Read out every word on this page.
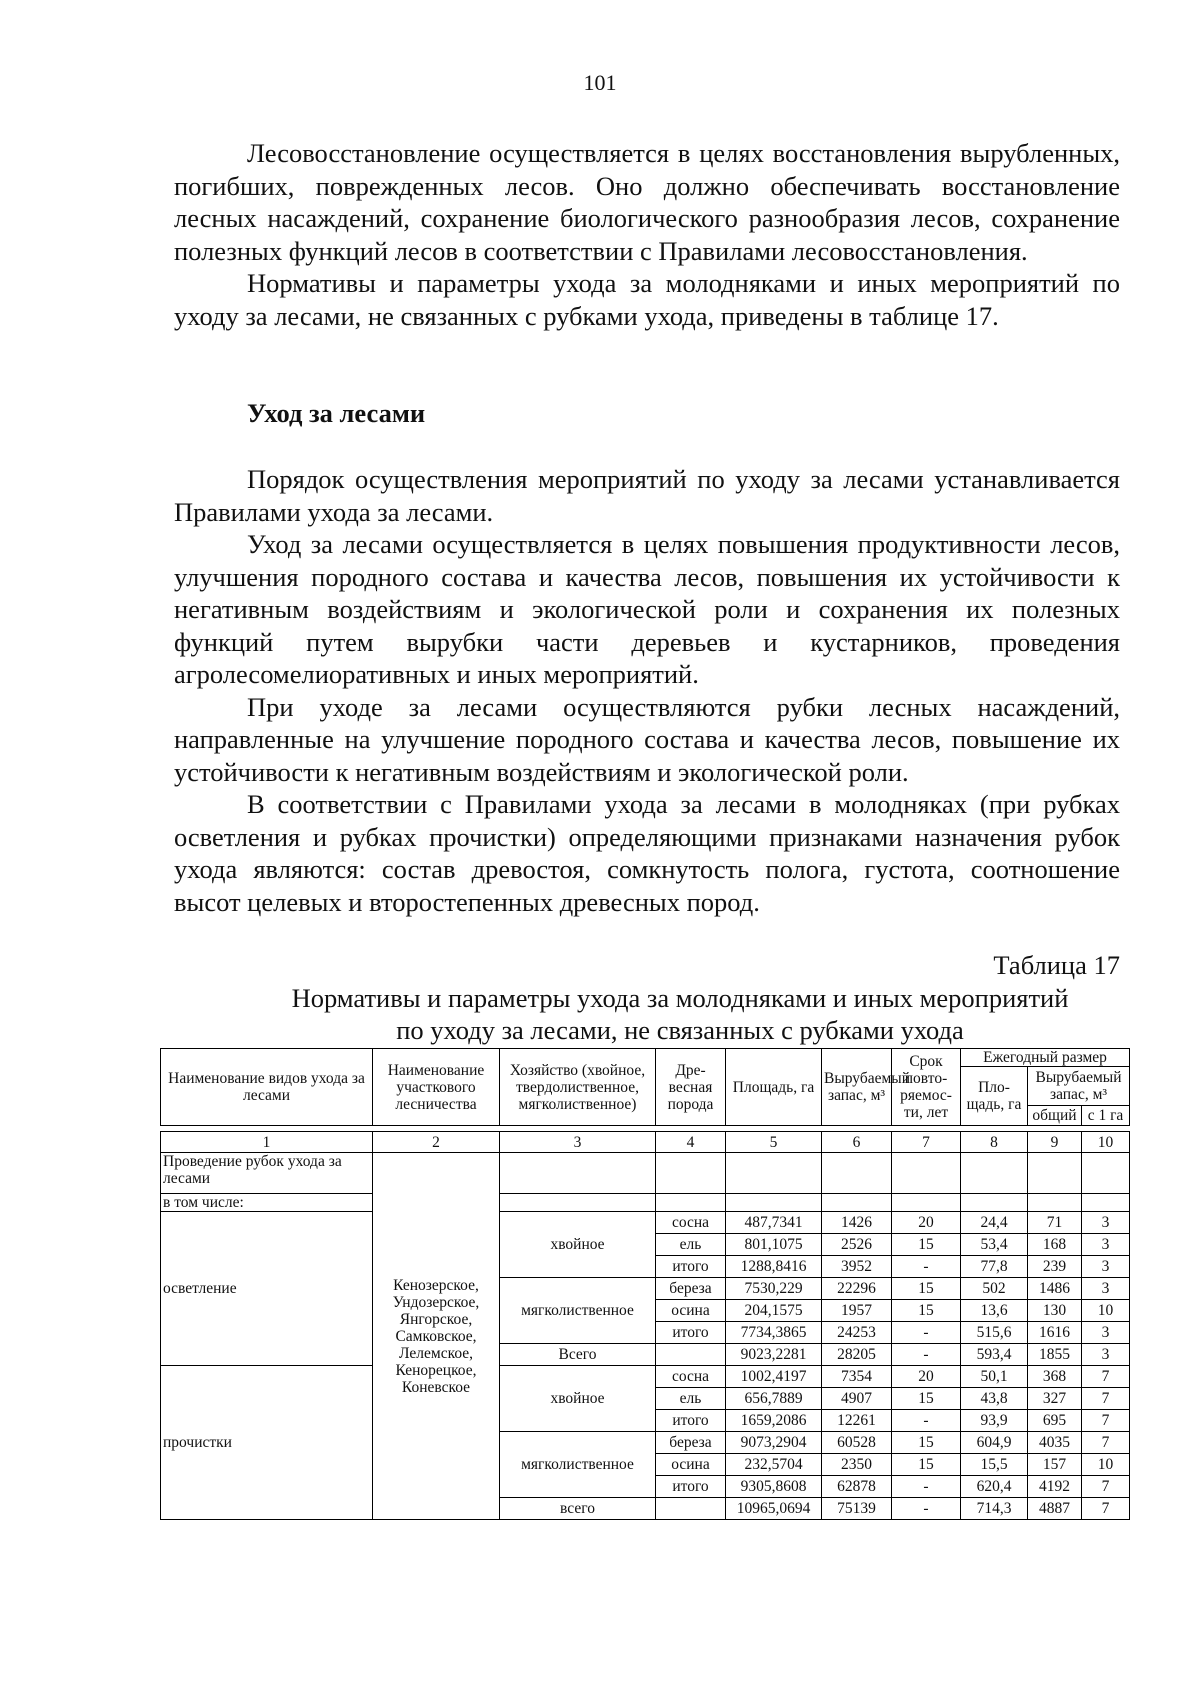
101

Лесовосстановление осуществляется в целях восстановления вырубленных, погибших, поврежденных лесов. Оно должно обеспечивать восстановление лесных насаждений, сохранение биологического разнообразия лесов, сохранение полезных функций лесов в соответствии с Правилами лесовосстановления.

Нормативы и параметры ухода за молодняками и иных мероприятий по уходу за лесами, не связанных с рубками ухода, приведены в таблице 17.

Уход за лесами

Порядок осуществления мероприятий по уходу за лесами устанавливается Правилами ухода за лесами.

Уход за лесами осуществляется в целях повышения продуктивности лесов, улучшения породного состава и качества лесов, повышения их устойчивости к негативным воздействиям и экологической роли и сохранения их полезных функций путем вырубки части деревьев и кустарников, проведения агролесомелиоративных и иных мероприятий.

При уходе за лесами осуществляются рубки лесных насаждений, направленные на улучшение породного состава и качества лесов, повышение их устойчивости к негативным воздействиям и экологической роли.

В соответствии с Правилами ухода за лесами в молодняках (при рубках осветления и рубках прочистки) определяющими признаками назначения рубок ухода являются: состав древостоя, сомкнутость полога, густота, соотношение высот целевых и второстепенных древесных пород.

Таблица 17
Нормативы и параметры ухода за молодняками и иных мероприятий
по уходу за лесами, не связанных с рубками ухода
Наименование видов ухода за лесами	Наименование участкового лесничества	Хозяйство (хвойное, твердолиственное, мягколиственное)	Дре-весная порода	Площадь, га	Вырубаемый запас, м³	Срок повто-ряемос-ти, лет	Ежегодный размер		
							Пло-щадь, га	Вырубаемый запас, м³	
								общий	с 1 га

1	2	3	4	5	6	7	8	9	10
Проведение рубок ухода за лесами	Кенозерское, Ундозерское, Янгорское, Самковское, Лелемское, Кенорецкое, Коневское								
в том числе:									
осветление		хвойное	сосна	487,7341	1426	20	24,4	71	3
			ель	801,1075	2526	15	53,4	168	3
			итого	1288,8416	3952	-	77,8	239	3
		мягколиственное	береза	7530,229	22296	15	502	1486	3
			осина	204,1575	1957	15	13,6	130	10
			итого	7734,3865	24253	-	515,6	1616	3
		Всего		9023,2281	28205	-	593,4	1855	3
прочистки		хвойное	сосна	1002,4197	7354	20	50,1	368	7
			ель	656,7889	4907	15	43,8	327	7
			итого	1659,2086	12261	-	93,9	695	7
		мягколиственное	береза	9073,2904	60528	15	604,9	4035	7
			осина	232,5704	2350	15	15,5	157	10
			итого	9305,8608	62878	-	620,4	4192	7
		всего		10965,0694	75139	-	714,3	4887	7
